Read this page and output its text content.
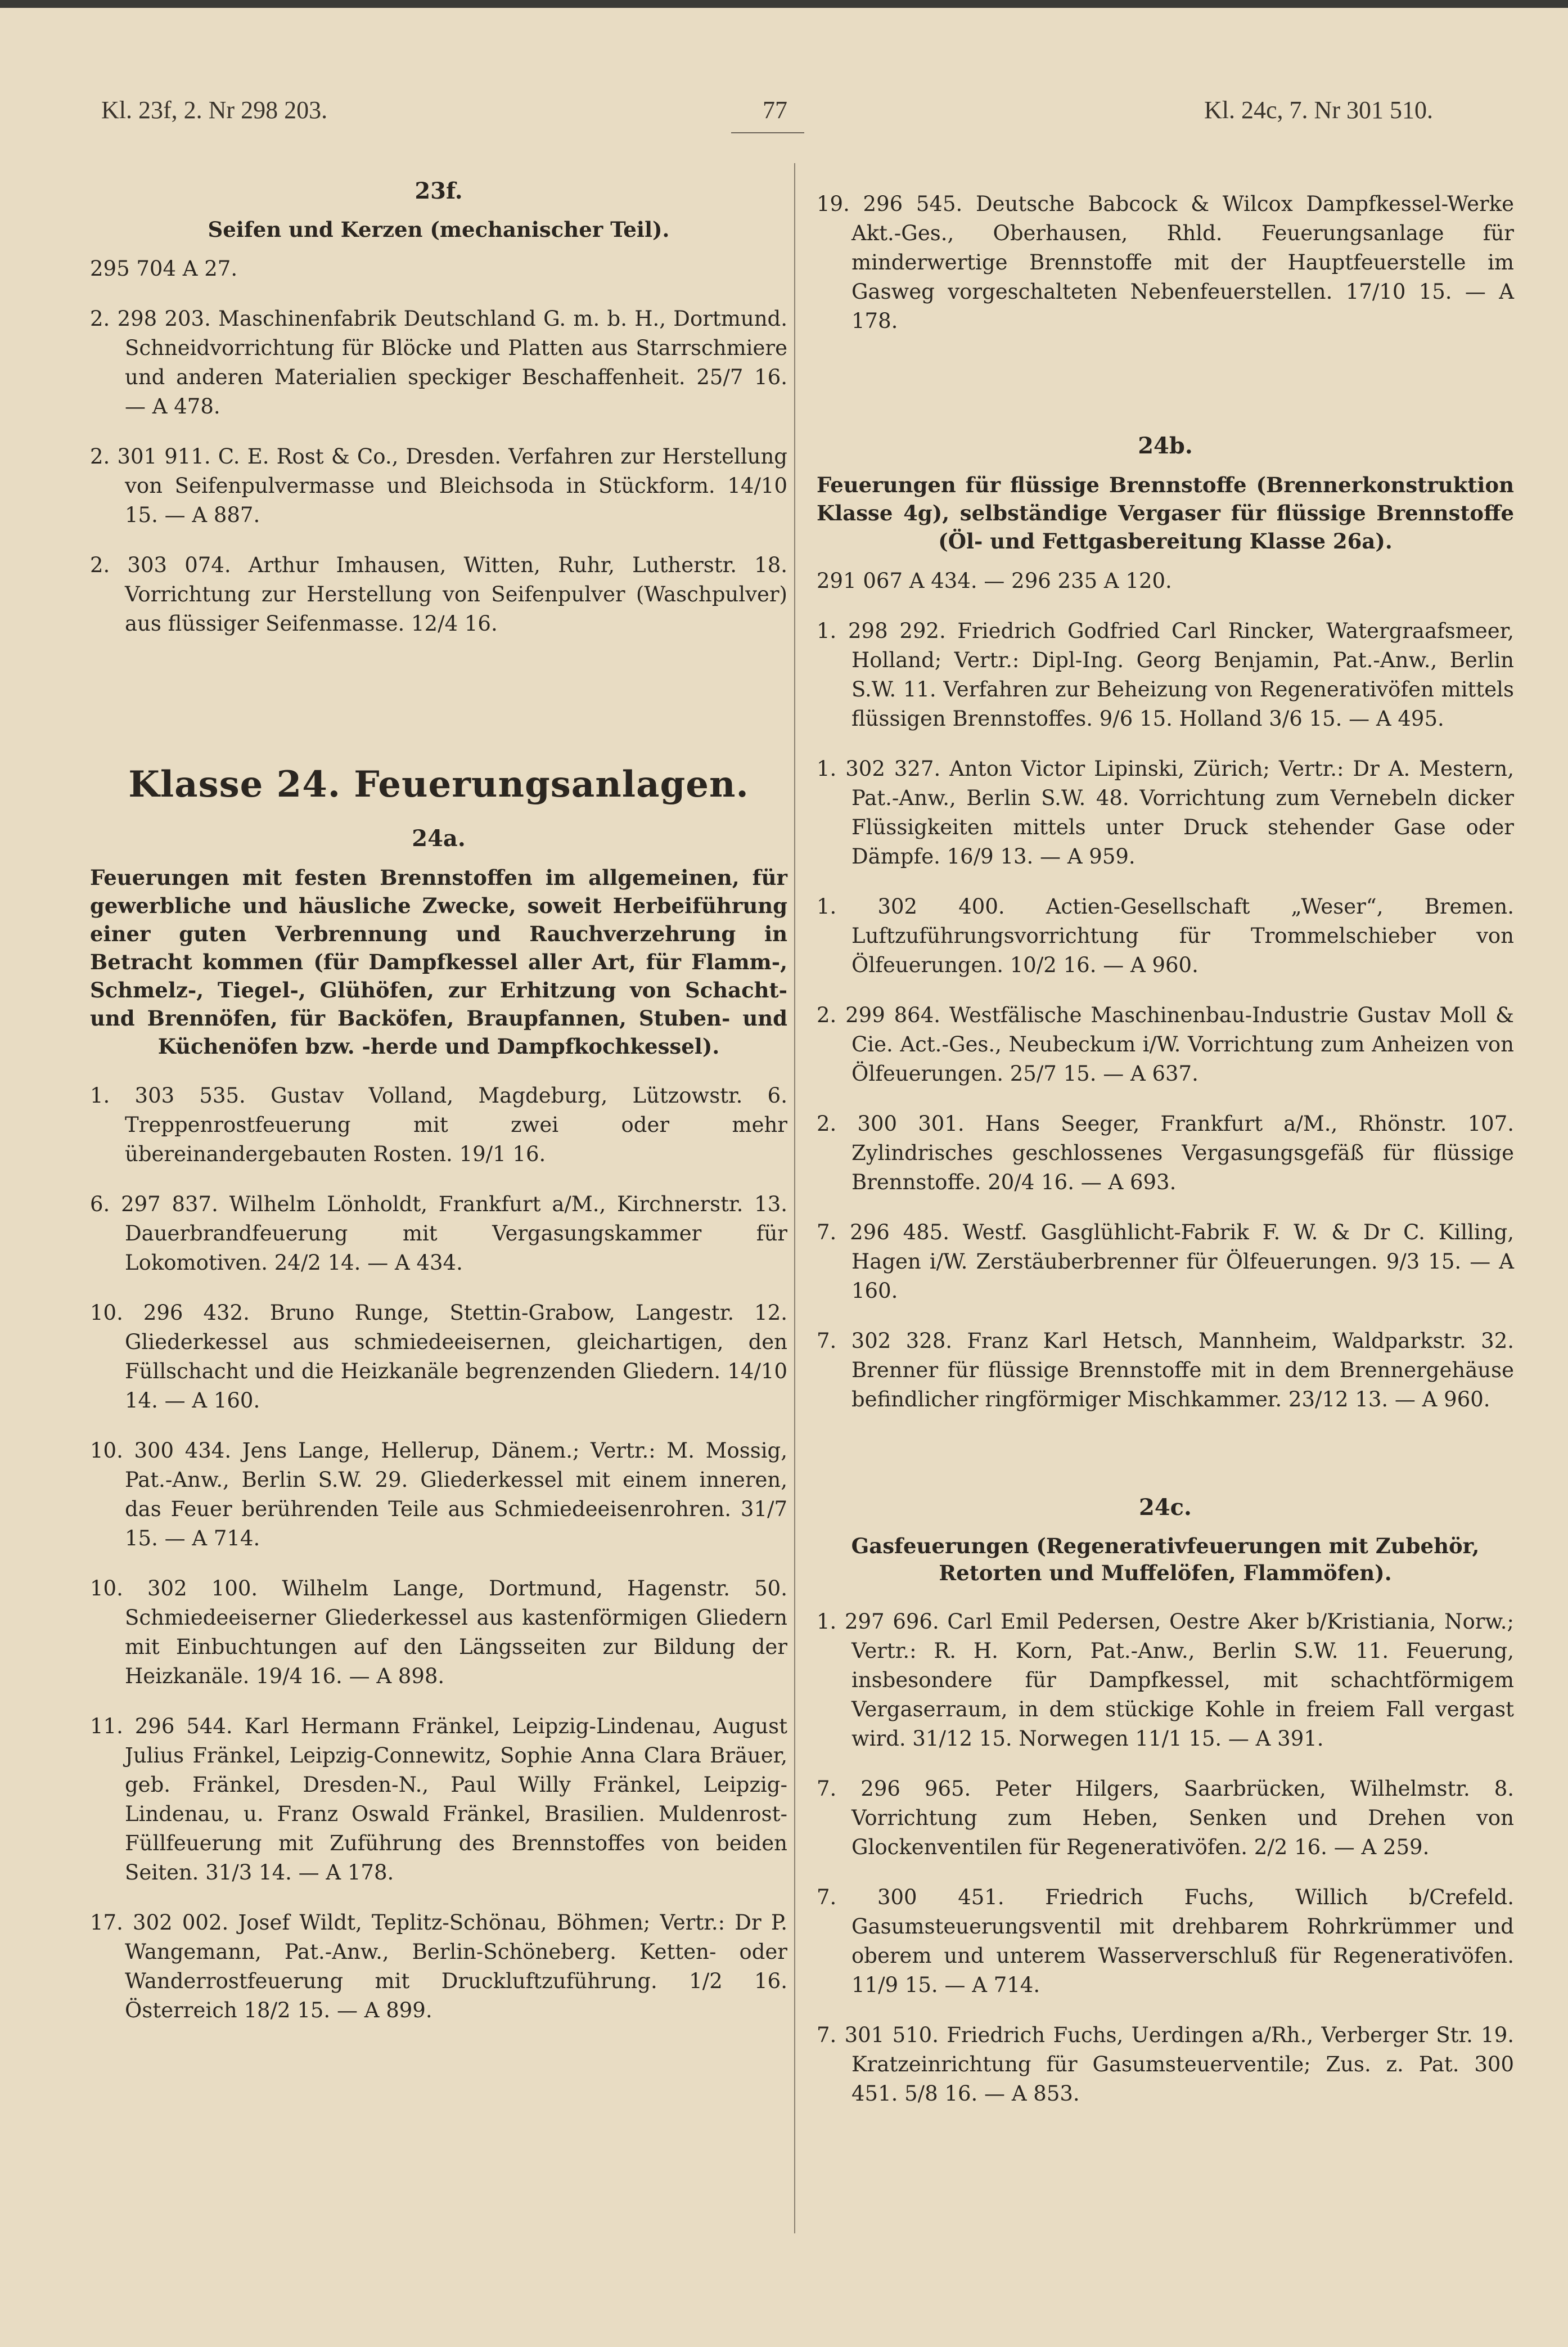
Kl. 23f, 2. Nr 298 203.	77	Kl. 24c, 7. Nr 301 510.
23f.
Seifen und Kerzen (mechanischer Teil).
295 704 A 27.

2. 298 203. Maschinenfabrik Deutschland G. m. b. H., Dortmund. Schneidvorrichtung für Blöcke und Platten aus Starrschmiere und anderen Materialien speckiger Beschaffenheit. 25/7 16. — A 478.

2. 301 911. C. E. Rost & Co., Dresden. Verfahren zur Herstellung von Seifenpulvermasse und Bleichsoda in Stückform. 14/10 15. — A 887.

2. 303 074. Arthur Imhausen, Witten, Ruhr, Lutherstr. 18. Vorrichtung zur Herstellung von Seifenpulver (Waschpulver) aus flüssiger Seifenmasse. 12/4 16.

Klasse 24. Feuerungsanlagen.
24a.
Feuerungen mit festen Brennstoffen im allgemeinen, für gewerbliche und häusliche Zwecke, soweit Herbeiführung einer guten Verbrennung und Rauchverzehrung in Betracht kommen (für Dampfkessel aller Art, für Flamm-, Schmelz-, Tiegel-, Glühöfen, zur Erhitzung von Schacht- und Brennöfen, für Backöfen, Braupfannen, Stuben- und Küchenöfen bzw. -herde und Dampfkochkessel).

1. 303 535. Gustav Volland, Magdeburg, Lützowstr. 6. Treppenrostfeuerung mit zwei oder mehr übereinandergebauten Rosten. 19/1 16.

6. 297 837. Wilhelm Lönholdt, Frankfurt a/M., Kirchnerstr. 13. Dauerbrandfeuerung mit Vergasungskammer für Lokomotiven. 24/2 14. — A 434.

10. 296 432. Bruno Runge, Stettin-Grabow, Langestr. 12. Gliederkessel aus schmiedeeisernen, gleichartigen, den Füllschacht und die Heizkanäle begrenzenden Gliedern. 14/10 14. — A 160.

10. 300 434. Jens Lange, Hellerup, Dänem.; Vertr.: M. Mossig, Pat.-Anw., Berlin S.W. 29. Gliederkessel mit einem inneren, das Feuer berührenden Teile aus Schmiedeeisenrohren. 31/7 15. — A 714.

10. 302 100. Wilhelm Lange, Dortmund, Hagenstr. 50. Schmiedeeiserner Gliederkessel aus kastenförmigen Gliedern mit Einbuchtungen auf den Längsseiten zur Bildung der Heizkanäle. 19/4 16. — A 898.

11. 296 544. Karl Hermann Fränkel, Leipzig-Lindenau, August Julius Fränkel, Leipzig-Connewitz, Sophie Anna Clara Bräuer, geb. Fränkel, Dresden-N., Paul Willy Fränkel, Leipzig-Lindenau, u. Franz Oswald Fränkel, Brasilien. Muldenrost-Füllfeuerung mit Zuführung des Brennstoffes von beiden Seiten. 31/3 14. — A 178.

17. 302 002. Josef Wildt, Teplitz-Schönau, Böhmen; Vertr.: Dr P. Wangemann, Pat.-Anw., Berlin-Schöneberg. Ketten- oder Wanderrostfeuerung mit Druckluftzuführung. 1/2 16. Österreich 18/2 15. — A 899.

19. 296 545. Deutsche Babcock & Wilcox Dampfkessel-Werke Akt.-Ges., Oberhausen, Rhld. Feuerungsanlage für minderwertige Brennstoffe mit der Hauptfeuerstelle im Gasweg vorgeschalteten Nebenfeuerstellen. 17/10 15. — A 178.

24b.
Feuerungen für flüssige Brennstoffe (Brennerkonstruktion Klasse 4g), selbständige Vergaser für flüssige Brennstoffe (Öl- und Fettgasbereitung Klasse 26a).
291 067 A 434. — 296 235 A 120.

1. 298 292. Friedrich Godfried Carl Rincker, Watergraafsmeer, Holland; Vertr.: Dipl-Ing. Georg Benjamin, Pat.-Anw., Berlin S.W. 11. Verfahren zur Beheizung von Regenerativöfen mittels flüssigen Brennstoffes. 9/6 15. Holland 3/6 15. — A 495.

1. 302 327. Anton Victor Lipinski, Zürich; Vertr.: Dr A. Mestern, Pat.-Anw., Berlin S.W. 48. Vorrichtung zum Vernebeln dicker Flüssigkeiten mittels unter Druck stehender Gase oder Dämpfe. 16/9 13. — A 959.

1. 302 400. Actien-Gesellschaft „Weser“, Bremen. Luftzuführungsvorrichtung für Trommelschieber von Ölfeuerungen. 10/2 16. — A 960.

2. 299 864. Westfälische Maschinenbau-Industrie Gustav Moll & Cie. Act.-Ges., Neubeckum i/W. Vorrichtung zum Anheizen von Ölfeuerungen. 25/7 15. — A 637.

2. 300 301. Hans Seeger, Frankfurt a/M., Rhönstr. 107. Zylindrisches geschlossenes Vergasungsgefäß für flüssige Brennstoffe. 20/4 16. — A 693.

7. 296 485. Westf. Gasglühlicht-Fabrik F. W. & Dr C. Killing, Hagen i/W. Zerstäuberbrenner für Ölfeuerungen. 9/3 15. — A 160.

7. 302 328. Franz Karl Hetsch, Mannheim, Waldparkstr. 32. Brenner für flüssige Brennstoffe mit in dem Brennergehäuse befindlicher ringförmiger Mischkammer. 23/12 13. — A 960.

24c.
Gasfeuerungen (Regenerativfeuerungen mit Zubehör, Retorten und Muffelöfen, Flammöfen).

1. 297 696. Carl Emil Pedersen, Oestre Aker b/Kristiania, Norw.; Vertr.: R. H. Korn, Pat.-Anw., Berlin S.W. 11. Feuerung, insbesondere für Dampfkessel, mit schachtförmigem Vergaserraum, in dem stückige Kohle in freiem Fall vergast wird. 31/12 15. Norwegen 11/1 15. — A 391.

7. 296 965. Peter Hilgers, Saarbrücken, Wilhelmstr. 8. Vorrichtung zum Heben, Senken und Drehen von Glockenventilen für Regenerativöfen. 2/2 16. — A 259.

7. 300 451. Friedrich Fuchs, Willich b/Crefeld. Gasumsteuerungsventil mit drehbarem Rohrkrümmer und oberem und unterem Wasserverschluß für Regenerativöfen. 11/9 15. — A 714.

7. 301 510. Friedrich Fuchs, Uerdingen a/Rh., Verberger Str. 19. Kratzeinrichtung für Gasumsteuerventile; Zus. z. Pat. 300 451. 5/8 16. — A 853.
